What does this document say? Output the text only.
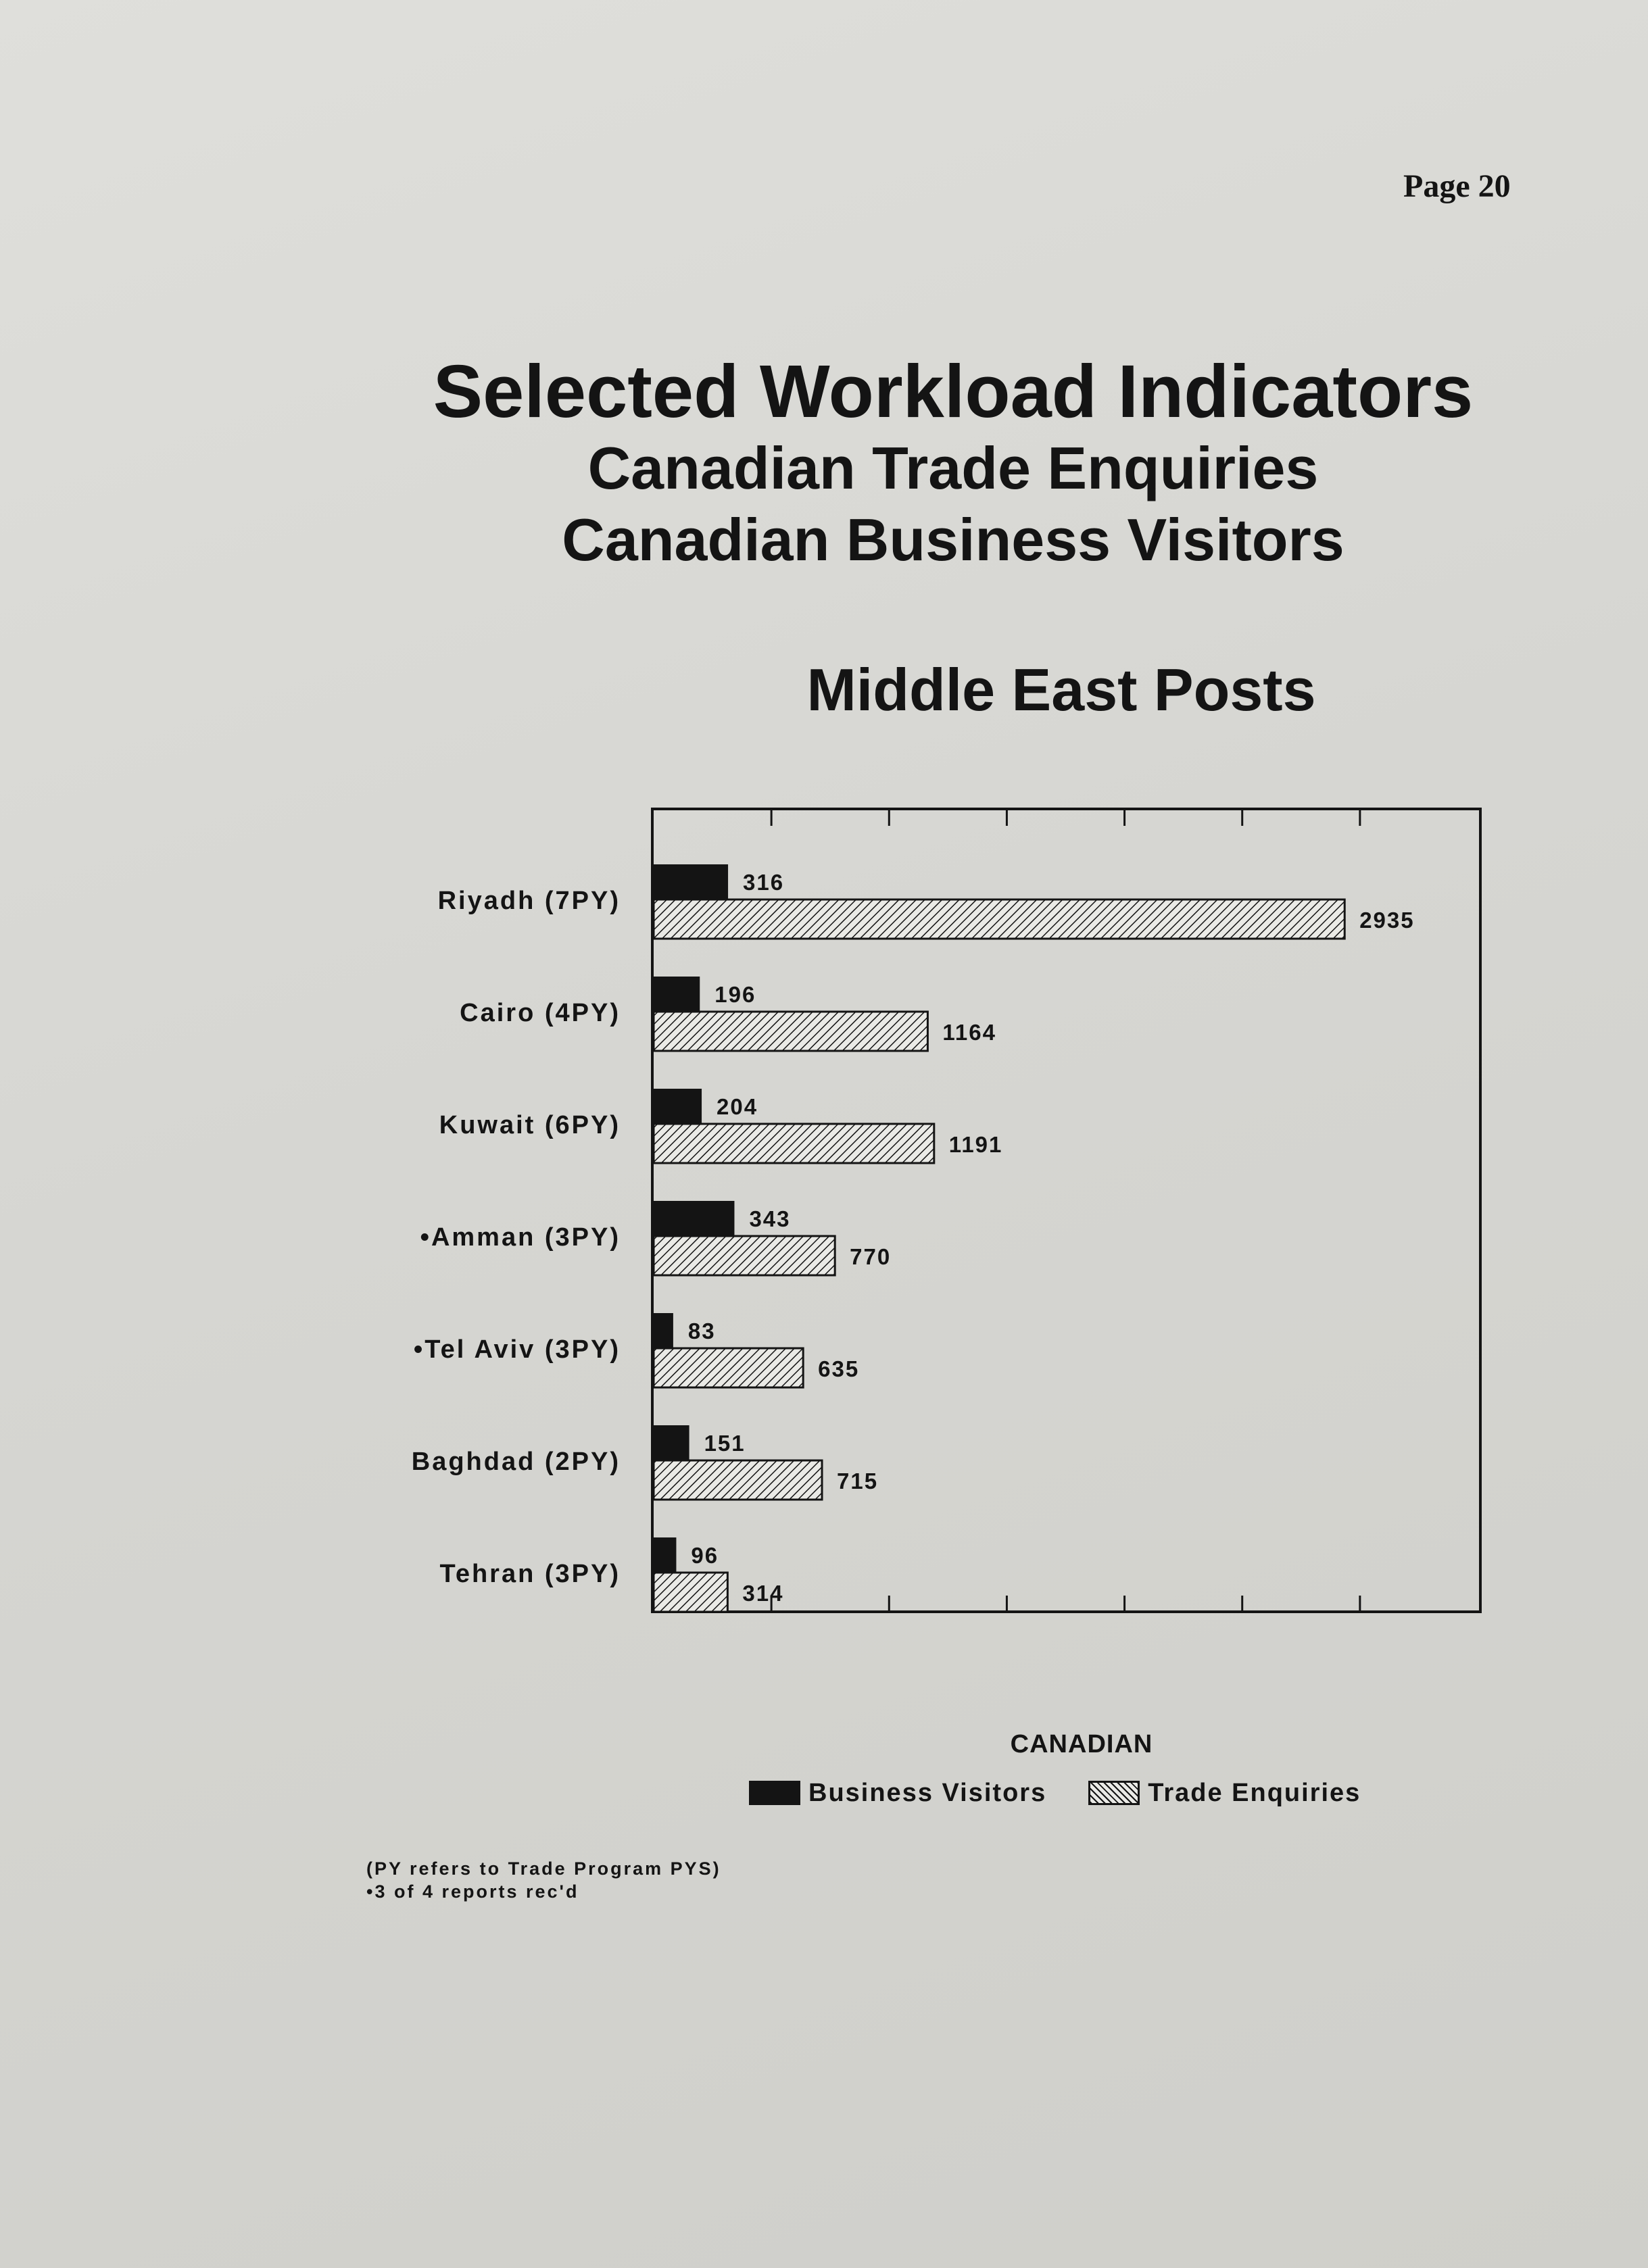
Page 20
Selected Workload Indicators
Canadian Trade Enquiries
Canadian Business Visitors
Middle East Posts
Riyadh (7PY)
316
2935
Cairo (4PY)
196
1164
Kuwait (6PY)
204
1191
•Amman (3PY)
343
770
•Tel Aviv (3PY)
83
635
Baghdad (2PY)
151
715
Tehran (3PY)
96
314
CANADIAN
Business Visitors	Trade Enquiries
(PY refers to Trade Program PYS)
•3 of 4 reports rec'd
